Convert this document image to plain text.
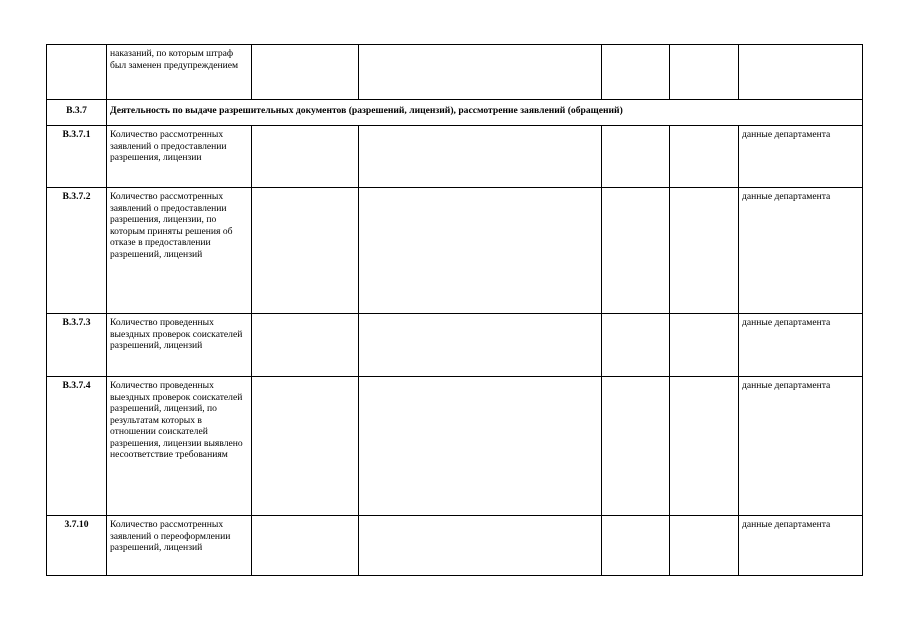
	наказаний, по которым штраф был заменен предупреждением					
В.3.7	Деятельность по выдаче разрешительных документов (разрешений, лицензий), рассмотрение заявлений (обращений)					
В.3.7.1	Количество рассмотренных заявлений о предоставлении разрешения, лицензии					данные департамента
В.3.7.2	Количество рассмотренных заявлений о предоставлении разрешения, лицензии, по которым приняты решения об отказе в предоставлении разрешений, лицензий					данные департамента
В.3.7.3	Количество проведенных выездных проверок соискателей разрешений, лицензий					данные департамента
В.3.7.4	Количество проведенных выездных проверок соискателей разрешений, лицензий, по результатам которых в отношении соискателей разрешения, лицензии выявлено несоответствие требованиям					данные департамента
3.7.10	Количество рассмотренных заявлений о переоформлении разрешений, лицензий					данные департамента
